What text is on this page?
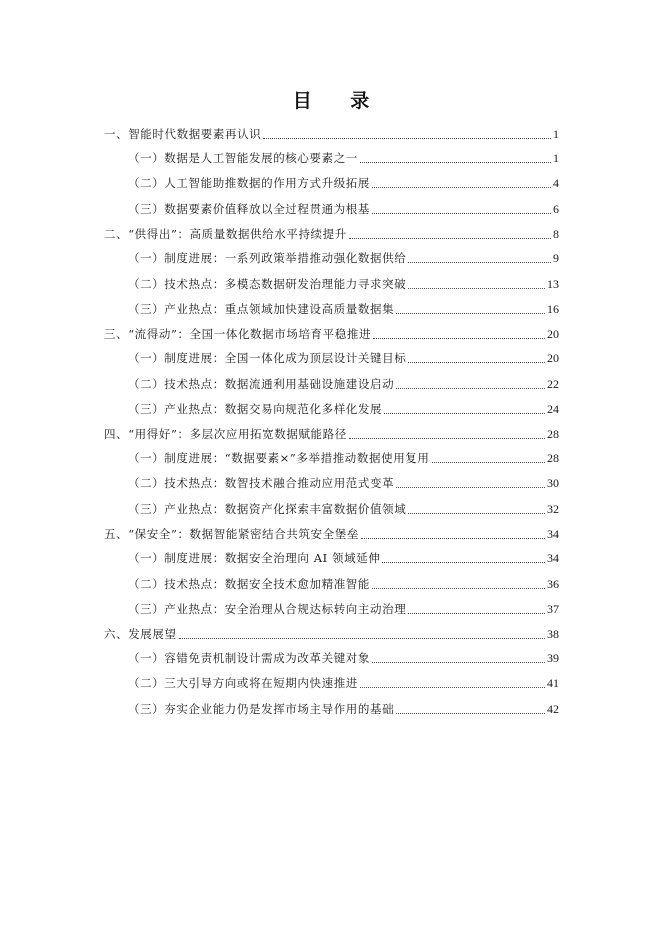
目 录
一、智能时代数据要素再认识	1
（一）数据是人工智能发展的核心要素之一	1
（二）人工智能助推数据的作用方式升级拓展	4
（三）数据要素价值释放以全过程贯通为根基	6
二、“供得出”：高质量数据供给水平持续提升	8
（一）制度进展：一系列政策举措推动强化数据供给	9
（二）技术热点：多模态数据研发治理能力寻求突破	13
（三）产业热点：重点领域加快建设高质量数据集	16
三、“流得动”：全国一体化数据市场培育平稳推进	20
（一）制度进展：全国一体化成为顶层设计关键目标	20
（二）技术热点：数据流通利用基础设施建设启动	22
（三）产业热点：数据交易向规范化多样化发展	24
四、“用得好”：多层次应用拓宽数据赋能路径	28
（一）制度进展：“数据要素×”多举措推动数据使用复用	28
（二）技术热点：数智技术融合推动应用范式变革	30
（三）产业热点：数据资产化探索丰富数据价值领域	32
五、“保安全”：数据智能紧密结合共筑安全堡垒	34
（一）制度进展：数据安全治理向 AI 领域延伸	34
（二）技术热点：数据安全技术愈加精准智能	36
（三）产业热点：安全治理从合规达标转向主动治理	37
六、发展展望	38
（一）容错免责机制设计需成为改革关键对象	39
（二）三大引导方向或将在短期内快速推进	41
（三）夯实企业能力仍是发挥市场主导作用的基础	42
